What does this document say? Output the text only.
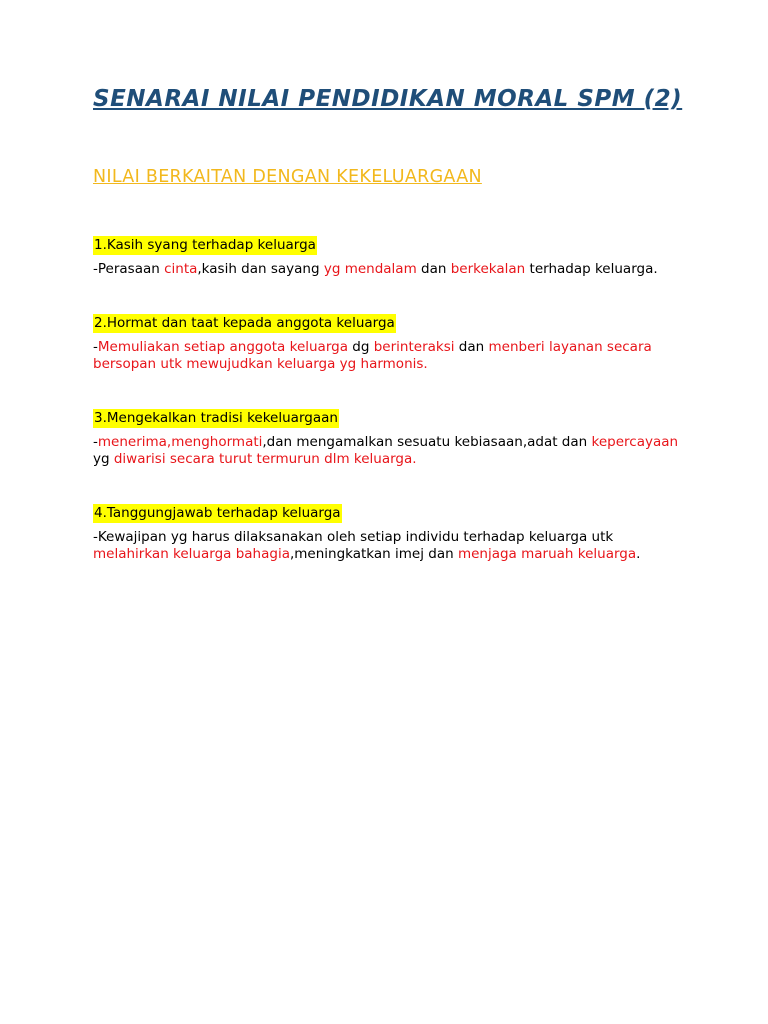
SENARAI NILAI PENDIDIKAN MORAL SPM (2)
NILAI BERKAITAN DENGAN KEKELUARGAAN
1.Kasih syang terhadap keluarga
-Perasaan cinta,kasih dan sayang yg mendalam dan berkekalan terhadap keluarga.
2.Hormat dan taat kepada anggota keluarga
-Memuliakan setiap anggota keluarga dg berinteraksi dan menberi layanan secara bersopan utk mewujudkan keluarga yg harmonis.
3.Mengekalkan tradisi kekeluargaan
-menerima,menghormati,dan mengamalkan sesuatu kebiasaan,adat dan kepercayaan yg diwarisi secara turut termurun dlm keluarga.
4.Tanggungjawab terhadap keluarga
-Kewajipan yg harus dilaksanakan oleh setiap individu terhadap keluarga utk melahirkan keluarga bahagia,meningkatkan imej dan menjaga maruah keluarga.
